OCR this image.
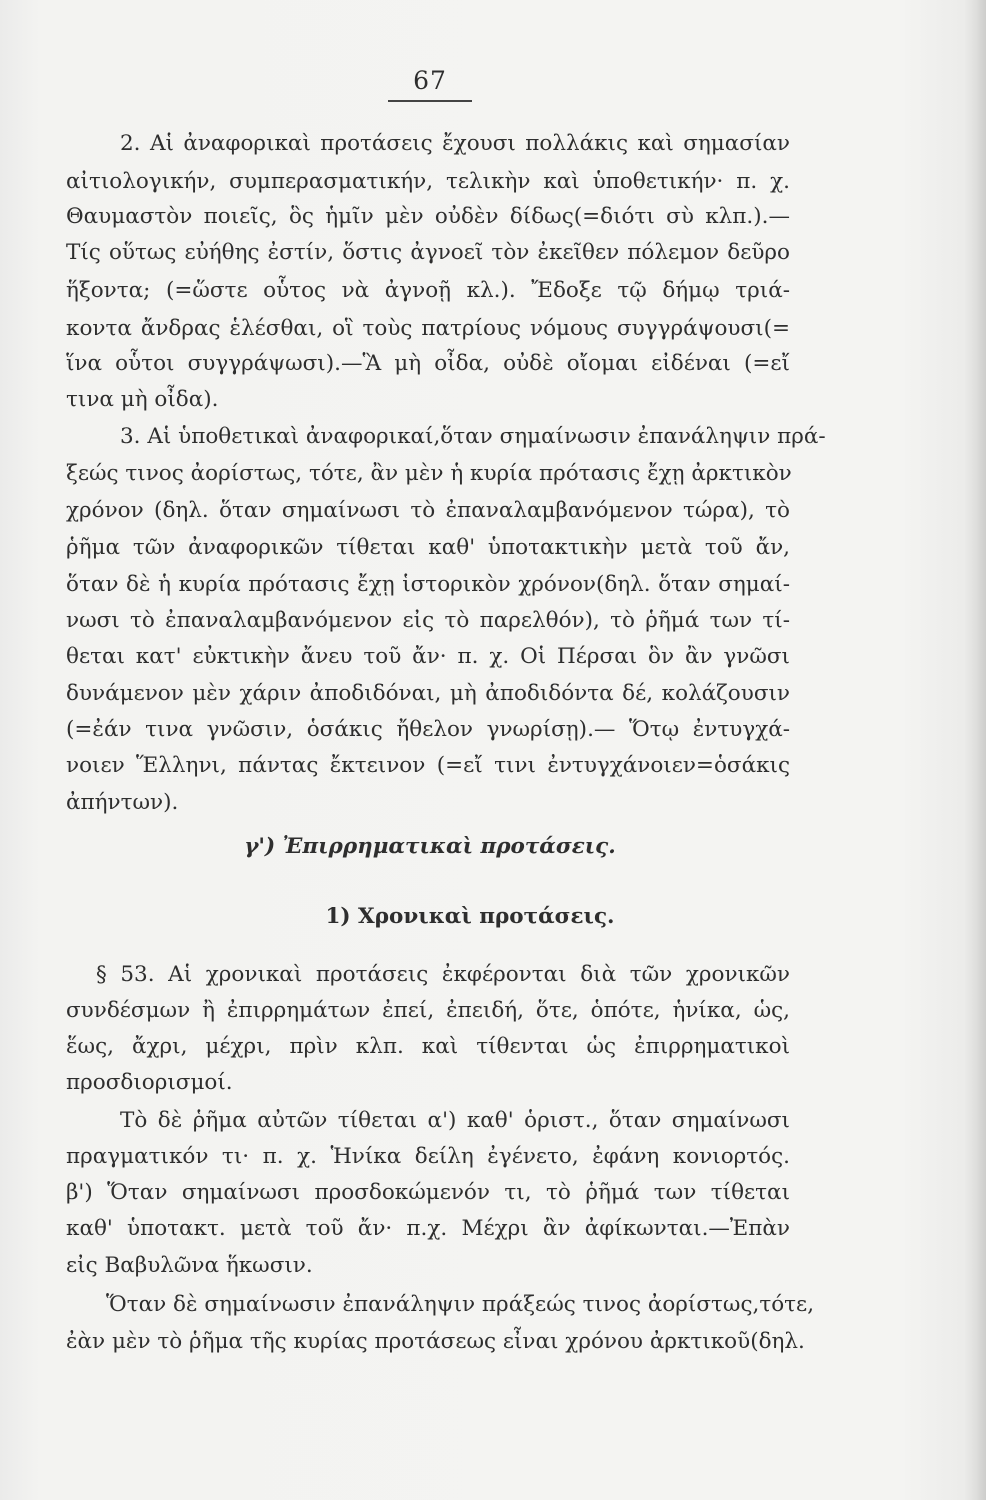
67
2. Αἱ ἀναφορικαὶ προτάσεις ἔχουσι πολλάκις καὶ σημασίαν
αἰτιολογικήν, συμπερασματικήν, τελικὴν καὶ ὑποθετικήν· π. χ.
Θαυμαστὸν ποιεῖς, ὃς ἡμῖν μὲν οὐδὲν δίδως(=διότι σὺ κλπ.).—
Τίς οὕτως εὐήθης ἐστίν, ὅστις ἀγνοεῖ τὸν ἐκεῖθεν πόλεμον δεῦρο
ἥξοντα; (=ὥστε οὗτος νὰ ἀγνοῇ κλ.). Ἔδοξε τῷ δήμῳ τριά-
κοντα ἄνδρας ἑλέσθαι, οἳ τοὺς πατρίους νόμους συγγράψουσι(=
ἵνα οὗτοι συγγράψωσι).—Ἃ μὴ οἶδα, οὐδὲ οἴομαι εἰδέναι (=εἴ
τινα μὴ οἶδα).
3. Αἱ ὑποθετικαὶ ἀναφορικαί,ὅταν σημαίνωσιν ἐπανάληψιν πρά-
ξεώς τινος ἀορίστως, τότε, ἂν μὲν ἡ κυρία πρότασις ἔχῃ ἀρκτικὸν
χρόνον (δηλ. ὅταν σημαίνωσι τὸ ἐπαναλαμβανόμενον τώρα), τὸ
ῥῆμα τῶν ἀναφορικῶν τίθεται καθ' ὑποτακτικὴν μετὰ τοῦ ἄν,
ὅταν δὲ ἡ κυρία πρότασις ἔχῃ ἱστορικὸν χρόνον(δηλ. ὅταν σημαί-
νωσι τὸ ἐπαναλαμβανόμενον εἰς τὸ παρελθόν), τὸ ῥῆμά των τί-
θεται κατ' εὐκτικὴν ἄνευ τοῦ ἄν· π. χ. Οἱ Πέρσαι ὃν ἂν γνῶσι
δυνάμενον μὲν χάριν ἀποδιδόναι, μὴ ἀποδιδόντα δέ, κολάζουσιν
(=ἐάν τινα γνῶσιν, ὁσάκις ἤθελον γνωρίσῃ).— Ὅτῳ ἐντυγχά-
νοιεν Ἕλληνι, πάντας ἔκτεινον (=εἴ τινι ἐντυγχάνοιεν=ὁσάκις
ἀπήντων).
γ') Ἐπιρρηματικαὶ προτάσεις.
1) Χρονικαὶ προτάσεις.
§ 53. Αἱ χρονικαὶ προτάσεις ἐκφέρονται διὰ τῶν χρονικῶν
συνδέσμων ἢ ἐπιρρημάτων ἐπεί, ἐπειδή, ὅτε, ὁπότε, ἡνίκα, ὡς,
ἕως, ἄχρι, μέχρι, πρὶν κλπ. καὶ τίθενται ὡς ἐπιρρηματικοὶ
προσδιορισμοί.
Τὸ δὲ ῥῆμα αὐτῶν τίθεται α') καθ' ὁριστ., ὅταν σημαίνωσι
πραγματικόν τι· π. χ. Ἡνίκα δείλη ἐγένετο, ἐφάνη κονιορτός.
β') Ὅταν σημαίνωσι προσδοκώμενόν τι, τὸ ῥῆμά των τίθεται
καθ' ὑποτακτ. μετὰ τοῦ ἄν· π.χ. Μέχρι ἂν ἀφίκωνται.—Ἐπὰν
εἰς Βαβυλῶνα ἥκωσιν.
Ὅταν δὲ σημαίνωσιν ἐπανάληψιν πράξεώς τινος ἀορίστως,τότε,
ἐὰν μὲν τὸ ῥῆμα τῆς κυρίας προτάσεως εἶναι χρόνου ἀρκτικοῦ(δηλ.
